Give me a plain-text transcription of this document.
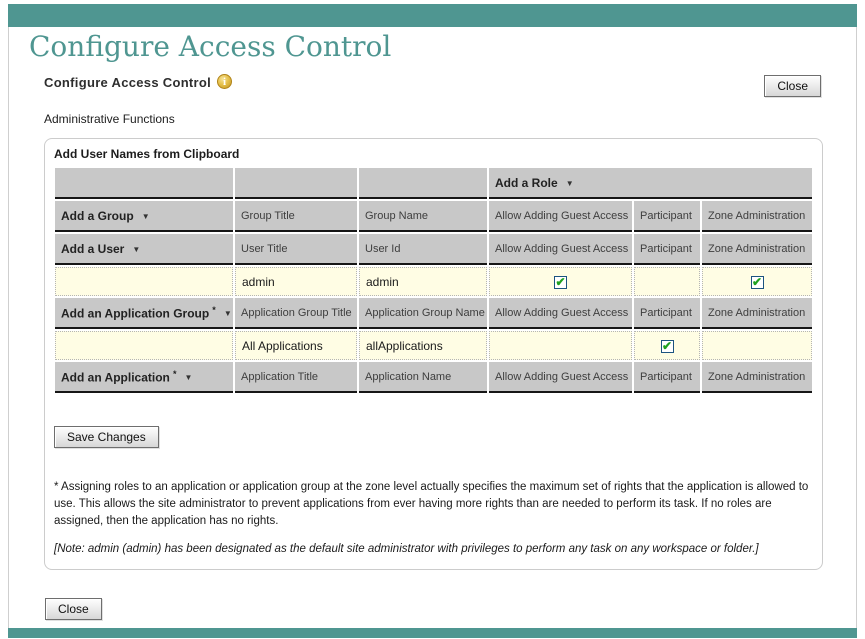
Configure Access Control
Configure Access Control	i	Close
Administrative Functions
Add User Names from Clipboard
			Add a Role ▼		
Add a Group ▼	Group Title	Group Name	Allow Adding Guest Access	Participant	Zone Administration
Add a User ▼	User Title	User Id	Allow Adding Guest Access	Participant	Zone Administration
	admin	admin	✔		✔
Add an Application Group * ▼	Application Group Title	Application Group Name	Allow Adding Guest Access	Participant	Zone Administration
	All Applications	allApplications		✔	
Add an Application * ▼	Application Title	Application Name	Allow Adding Guest Access	Participant	Zone Administration
Save Changes

* Assigning roles to an application or application group at the zone level actually specifies the maximum set of rights that the application is allowed to use. This allows the site administrator to prevent applications from ever having more rights than are needed to perform its task. If no roles are assigned, then the application has no rights.

[Note: admin (admin) has been designated as the default site administrator with privileges to perform any task on any workspace or folder.]

Close
